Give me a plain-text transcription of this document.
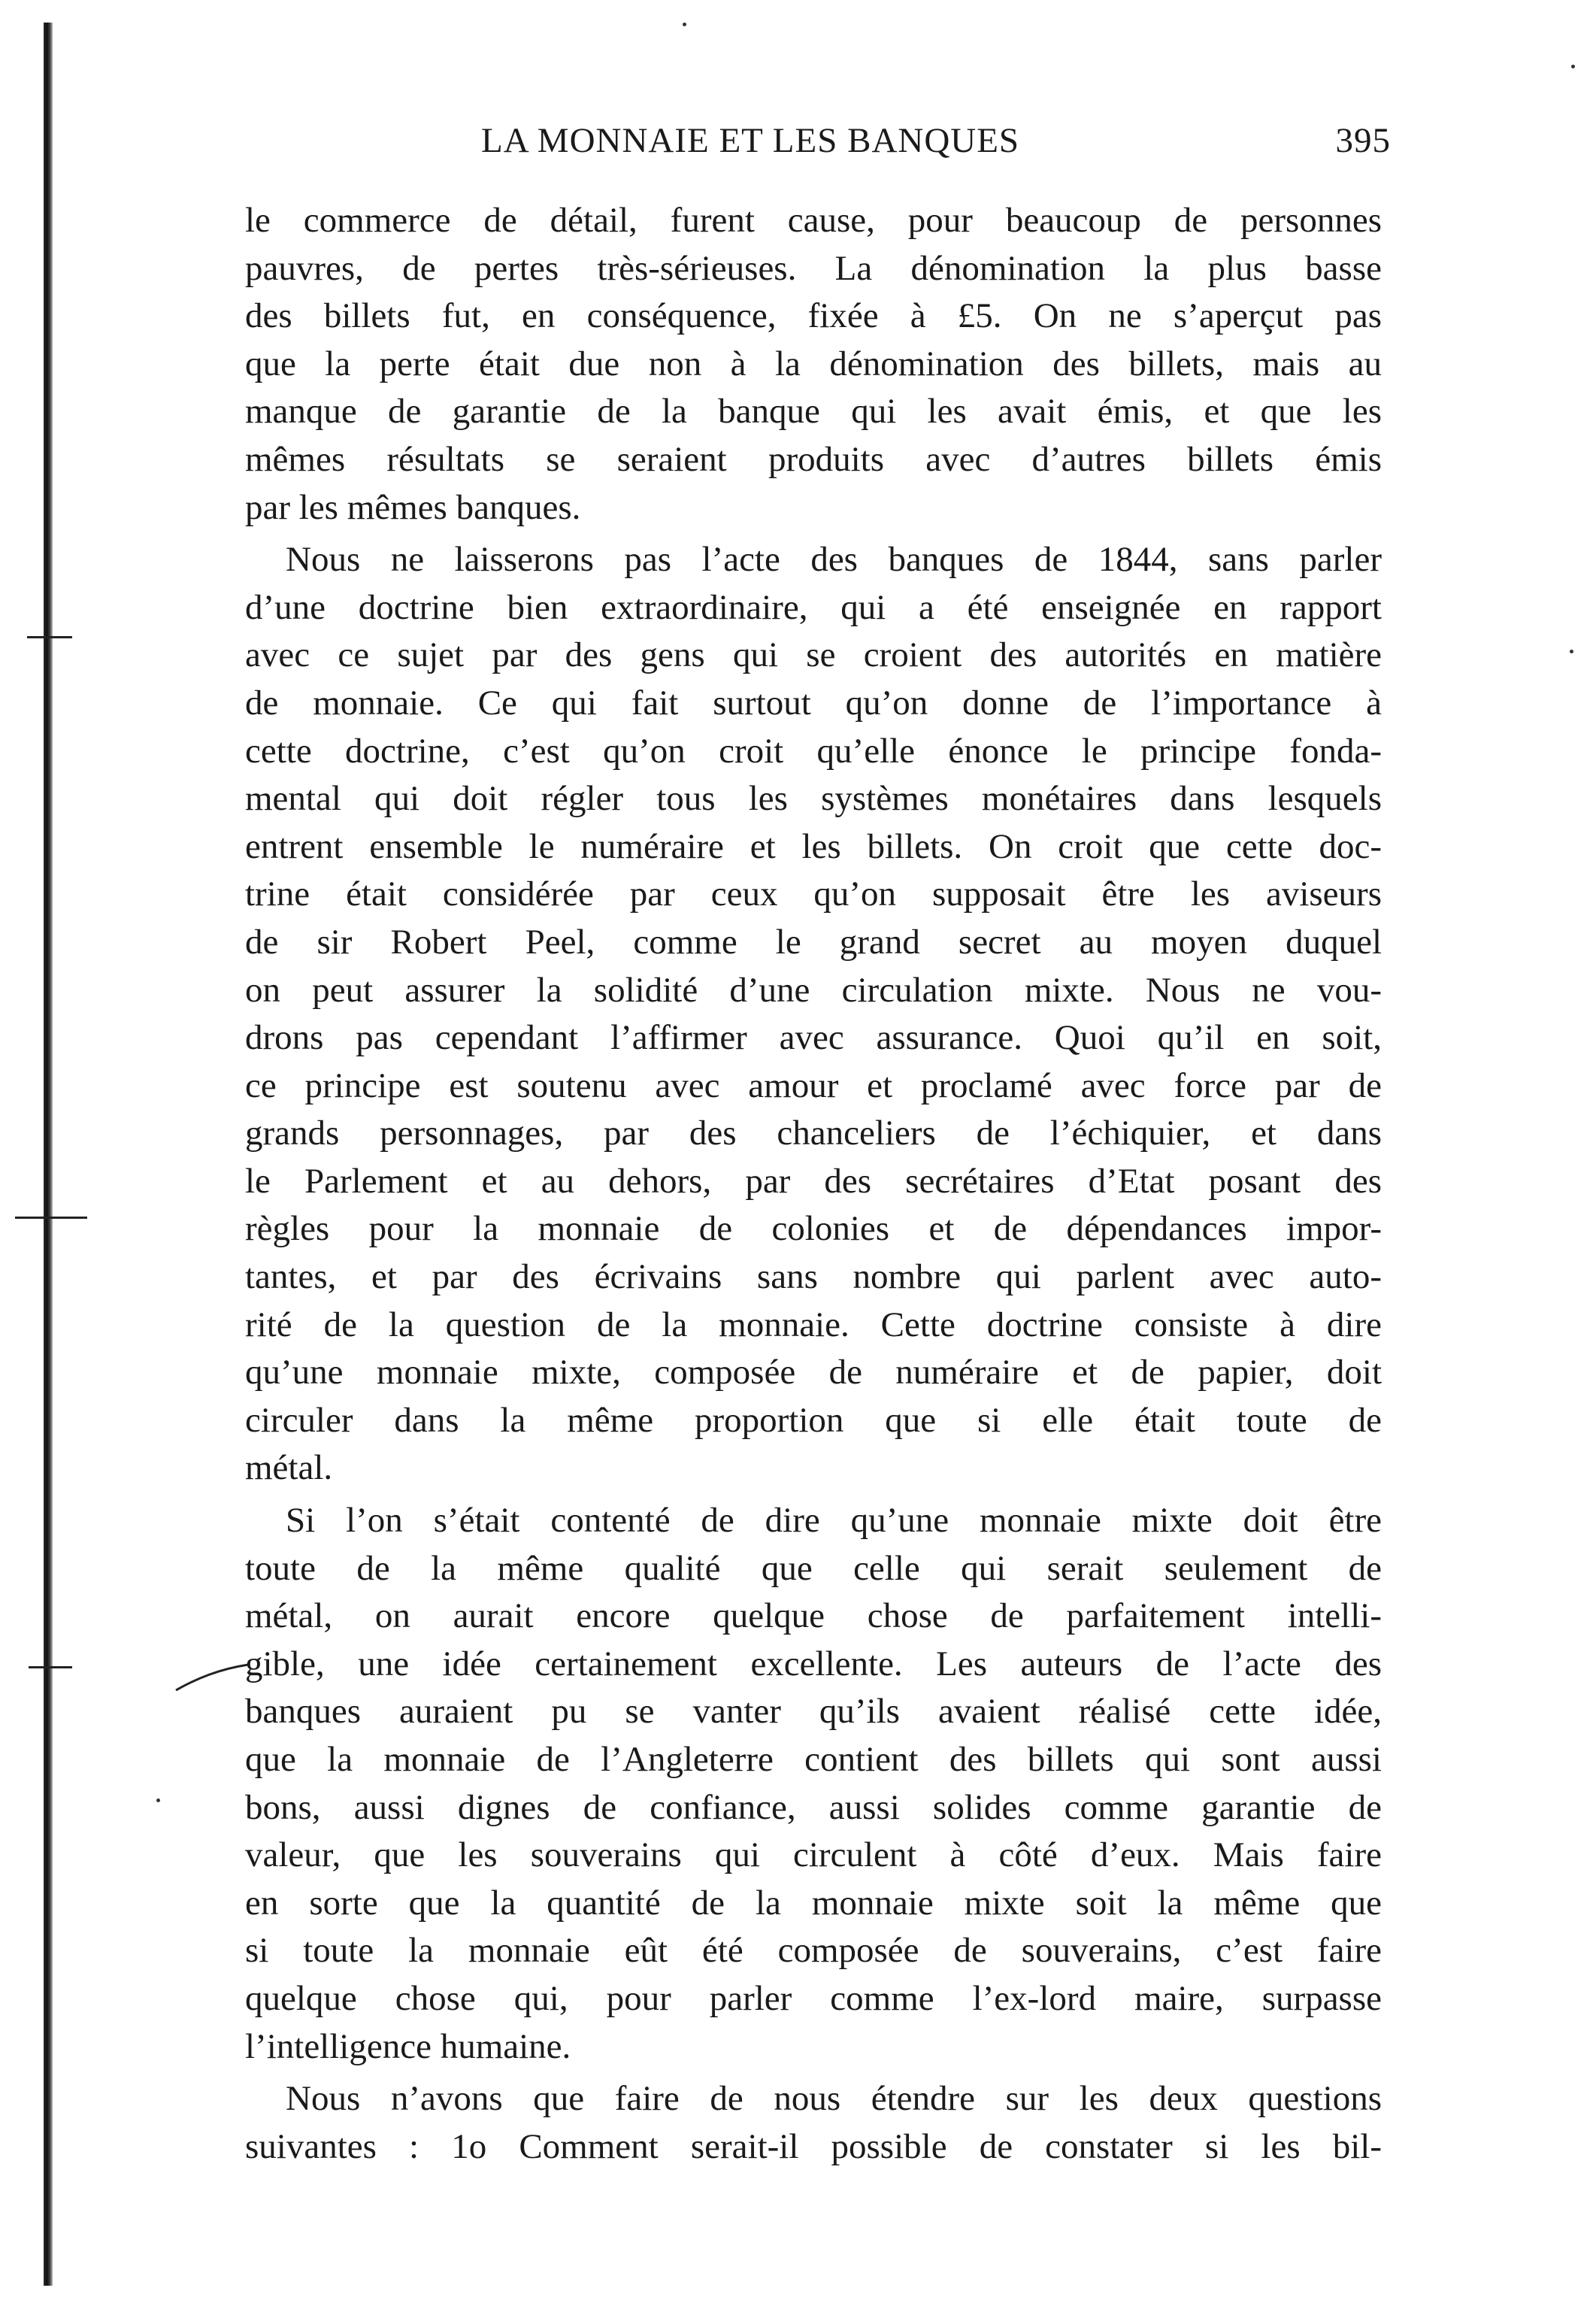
LA MONNAIE ET LES BANQUES	395
le commerce de détail, furent cause, pour beaucoup de personnes
pauvres, de pertes très-sérieuses. La dénomination la plus basse
des billets fut, en conséquence, fixée à £5. On ne s’aperçut pas
que la perte était due non à la dénomination des billets, mais au
manque de garantie de la banque qui les avait émis, et que les
mêmes résultats se seraient produits avec d’autres billets émis
par les mêmes banques.
Nous ne laisserons pas l’acte des banques de 1844, sans parler
d’une doctrine bien extraordinaire, qui a été enseignée en rapport
avec ce sujet par des gens qui se croient des autorités en matière
de monnaie. Ce qui fait surtout qu’on donne de l’importance à
cette doctrine, c’est qu’on croit qu’elle énonce le principe fonda-
mental qui doit régler tous les systèmes monétaires dans lesquels
entrent ensemble le numéraire et les billets. On croit que cette doc-
trine était considérée par ceux qu’on supposait être les aviseurs
de sir Robert Peel, comme le grand secret au moyen duquel
on peut assurer la solidité d’une circulation mixte. Nous ne vou-
drons pas cependant l’affirmer avec assurance. Quoi qu’il en soit,
ce principe est soutenu avec amour et proclamé avec force par de
grands personnages, par des chanceliers de l’échiquier, et dans
le Parlement et au dehors, par des secrétaires d’Etat posant des
règles pour la monnaie de colonies et de dépendances impor-
tantes, et par des écrivains sans nombre qui parlent avec auto-
rité de la question de la monnaie. Cette doctrine consiste à dire
qu’une monnaie mixte, composée de numéraire et de papier, doit
circuler dans la même proportion que si elle était toute de
métal.
Si l’on s’était contenté de dire qu’une monnaie mixte doit être
toute de la même qualité que celle qui serait seulement de
métal, on aurait encore quelque chose de parfaitement intelli-
gible, une idée certainement excellente. Les auteurs de l’acte des
banques auraient pu se vanter qu’ils avaient réalisé cette idée,
que la monnaie de l’Angleterre contient des billets qui sont aussi
bons, aussi dignes de confiance, aussi solides comme garantie de
valeur, que les souverains qui circulent à côté d’eux. Mais faire
en sorte que la quantité de la monnaie mixte soit la même que
si toute la monnaie eût été composée de souverains, c’est faire
quelque chose qui, pour parler comme l’ex-lord maire, surpasse
l’intelligence humaine.
Nous n’avons que faire de nous étendre sur les deux questions
suivantes : 1o Comment serait-il possible de constater si les bil-
